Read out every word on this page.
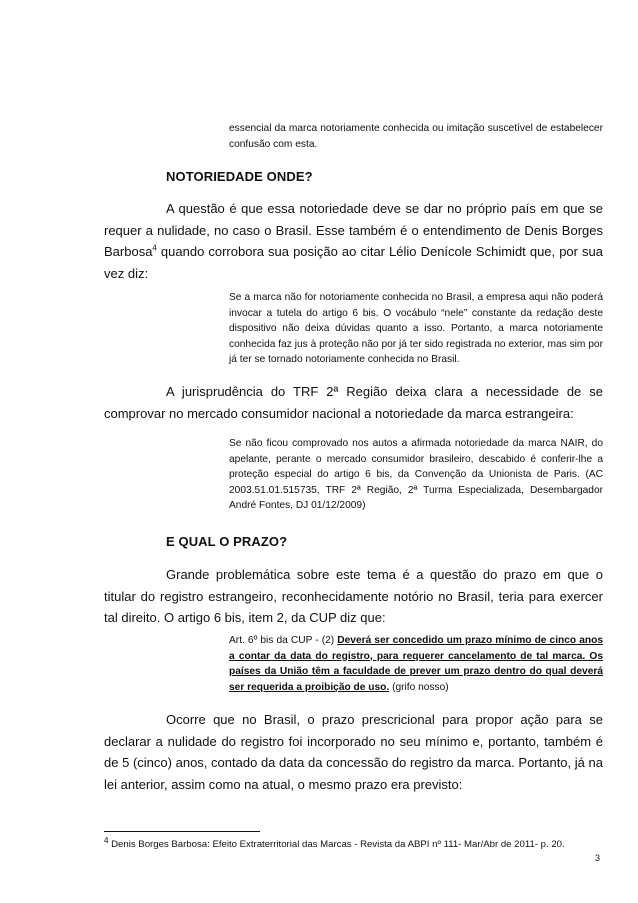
essencial da marca notoriamente conhecida ou imitação suscetível de estabelecer confusão com esta.
NOTORIEDADE ONDE?
A questão é que essa notoriedade deve se dar no próprio país em que se requer a nulidade, no caso o Brasil. Esse também é o entendimento de Denis Borges Barbosa$^4$ quando corrobora sua posição ao citar Lélio Denícole Schimidt que, por sua vez diz:
Se a marca não for notoriamente conhecida no Brasil, a empresa aqui não poderá invocar a tutela do artigo 6 bis. O vocábulo “nele” constante da redação deste dispositivo não deixa dúvidas quanto a isso. Portanto, a marca notoriamente conhecida faz jus à proteção não por já ter sido registrada no exterior, mas sim por já ter se tornado notoriamente conhecida no Brasil.
A jurisprudência do TRF 2ª Região deixa clara a necessidade de se comprovar no mercado consumidor nacional a notoriedade da marca estrangeira:
Se não ficou comprovado nos autos a afirmada notoriedade da marca NAIR, do apelante, perante o mercado consumidor brasileiro, descabido é conferir-lhe a proteção especial do artigo 6 bis, da Convenção da Unionista de Paris. (AC 2003.51.01.515735, TRF 2ª Região, 2ª Turma Especializada, Desembargador André Fontes, DJ 01/12/2009)
E QUAL O PRAZO?
Grande problemática sobre este tema é a questão do prazo em que o titular do registro estrangeiro, reconhecidamente notório no Brasil, teria para exercer tal direito. O artigo 6 bis, item 2, da CUP diz que:
Art. 6º bis da CUP - (2) Deverá ser concedido um prazo mínimo de cinco anos a contar da data do registro, para requerer cancelamento de tal marca. Os países da União têm a faculdade de prever um prazo dentro do qual deverá ser requerida a proibição de uso. (grifo nosso)
Ocorre que no Brasil, o prazo prescricional para propor ação para se declarar a nulidade do registro foi incorporado no seu mínimo e, portanto, também é de 5 (cinco) anos, contado da data da concessão do registro da marca. Portanto, já na lei anterior, assim como na atual, o mesmo prazo era previsto:
$^4$ Denis Borges Barbosa: Efeito Extraterritorial das Marcas - Revista da ABPI nº 111- Mar/Abr de 2011- p. 20.
3
